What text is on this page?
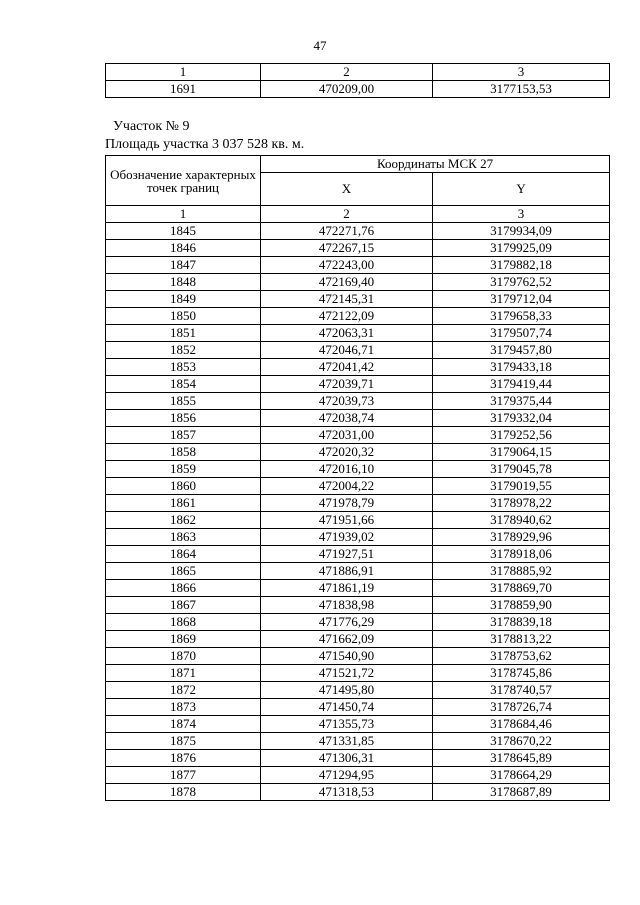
47
1	2	3
1691	470209,00	3177153,53
Участок № 9
Площадь участка 3 037 528 кв. м.
Обозначение характерных точек границ	Координаты МСК 27	
	X	Y
1	2	3
1845	472271,76	3179934,09
1846	472267,15	3179925,09
1847	472243,00	3179882,18
1848	472169,40	3179762,52
1849	472145,31	3179712,04
1850	472122,09	3179658,33
1851	472063,31	3179507,74
1852	472046,71	3179457,80
1853	472041,42	3179433,18
1854	472039,71	3179419,44
1855	472039,73	3179375,44
1856	472038,74	3179332,04
1857	472031,00	3179252,56
1858	472020,32	3179064,15
1859	472016,10	3179045,78
1860	472004,22	3179019,55
1861	471978,79	3178978,22
1862	471951,66	3178940,62
1863	471939,02	3178929,96
1864	471927,51	3178918,06
1865	471886,91	3178885,92
1866	471861,19	3178869,70
1867	471838,98	3178859,90
1868	471776,29	3178839,18
1869	471662,09	3178813,22
1870	471540,90	3178753,62
1871	471521,72	3178745,86
1872	471495,80	3178740,57
1873	471450,74	3178726,74
1874	471355,73	3178684,46
1875	471331,85	3178670,22
1876	471306,31	3178645,89
1877	471294,95	3178664,29
1878	471318,53	3178687,89
